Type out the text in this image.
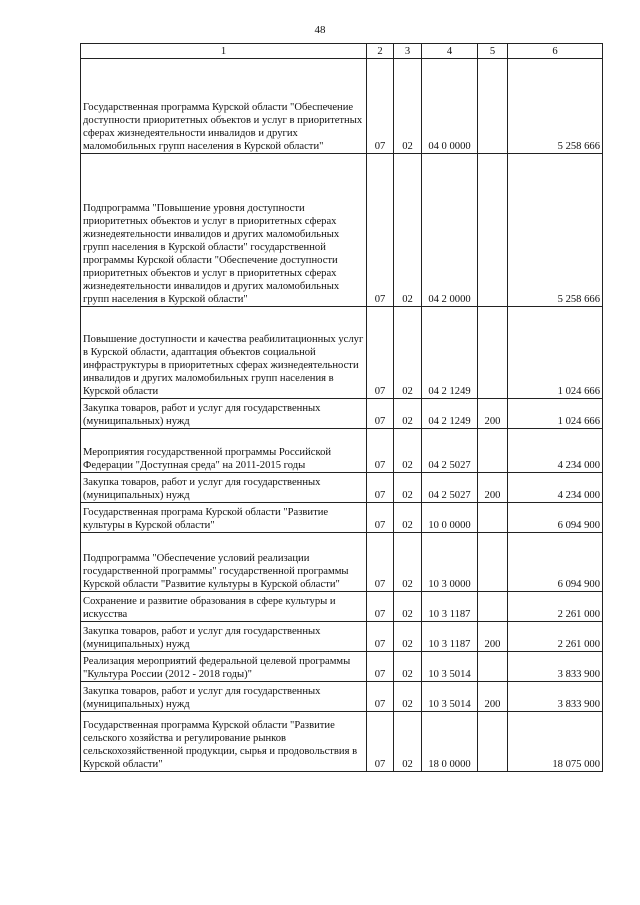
48
1	2	3	4	5	6
Государственная программа Курской области "Обеспечение доступности приоритетных объектов и услуг в приоритетных сферах жизнедеятельности инвалидов и других маломобильных групп населения в Курской области"	07	02	04 0 0000		5 258 666
Подпрограмма "Повышение уровня доступности приоритетных объектов и услуг в приоритетных сферах жизнедеятельности инвалидов и других маломобильных групп населения в Курской области" государственной программы Курской области "Обеспечение доступности приоритетных объектов и услуг в приоритетных сферах жизнедеятельности инвалидов и других маломобильных групп населения в Курской области"	07	02	04 2 0000		5 258 666
Повышение доступности и качества реабилитационных услуг в Курской области, адаптация объектов социальной инфраструктуры в приоритетных сферах жизнедеятельности инвалидов и других маломобильных групп населения в Курской области	07	02	04 2 1249		1 024 666
Закупка товаров, работ и услуг для государственных (муниципальных) нужд	07	02	04 2 1249	200	1 024 666
Мероприятия государственной программы Российской Федерации "Доступная среда" на 2011-2015 годы	07	02	04 2 5027		4 234 000
Закупка товаров, работ и услуг для государственных (муниципальных) нужд	07	02	04 2 5027	200	4 234 000
Государственная програма Курской области "Развитие культуры в Курской области"	07	02	10 0 0000		6 094 900
Подпрограмма "Обеспечение условий реализации государственной программы" государственной программы Курской области "Развитие культуры в Курской области"	07	02	10 3 0000		6 094 900
Сохранение и развитие образования в сфере культуры и искусства	07	02	10 3 1187		2 261 000
Закупка товаров, работ и услуг для государственных (муниципальных) нужд	07	02	10 3 1187	200	2 261 000
Реализация мероприятий федеральной целевой программы "Культура России (2012 - 2018 годы)"	07	02	10 3 5014		3 833 900
Закупка товаров, работ и услуг для государственных (муниципальных) нужд	07	02	10 3 5014	200	3 833 900
Государственная программа Курской области "Развитие сельского хозяйства и регулирование рынков сельскохозяйственной продукции, сырья и продовольствия в Курской области"	07	02	18 0 0000		18 075 000
